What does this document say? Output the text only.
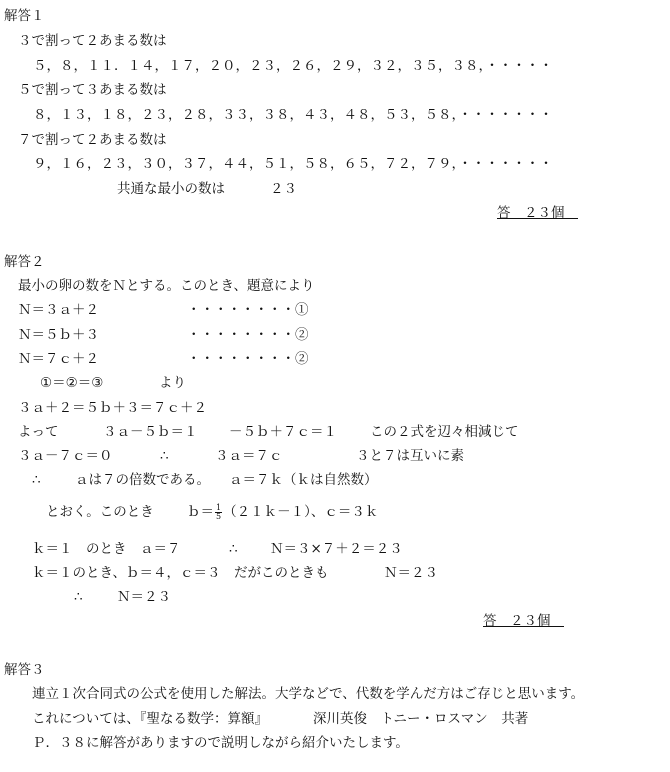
解答１
３で割って２あまる数は
５，８，１１．１４，１７，２０，２３，２６，２９，３２，３５，３８，・・・・・
５で割って３あまる数は
８，１３，１８，２３，２８，３３，３８，４３，４８，５３，５８，・・・・・・・
７で割って２あまる数は
９，１６，２３，３０，３７，４４，５１，５８，６５，７２，７９，・・・・・・・
共通な最小の数は	２３
答　２３個　
解答２
最小の卵の数をＮとする。このとき、題意により
Ｎ＝３ａ＋２	・・・・・・・・①
Ｎ＝５ｂ＋３	・・・・・・・・②
Ｎ＝７ｃ＋２	・・・・・・・・②
①＝②＝③	より
３ａ＋２＝５ｂ＋３＝７ｃ＋２
よって	３ａ－５ｂ＝１ －５ｂ＋７ｃ＝１ この２式を辺々相減じて
３ａ－７ｃ＝０	∴	３ａ＝７ｃ	３と７は互いに素
∴	ａは７の倍数である。 ａ＝７ｋ（ｋは自然数）
とおく。このとき ｂ＝ $\frac{1}{5}$ （２１ｋ－１）、ｃ＝３ｋ
ｋ＝１　のとき　ａ＝７	∴ Ｎ＝３×７＋２＝２３
ｋ＝１のとき、ｂ＝４，ｃ＝３　だがこのときも	Ｎ＝２３
∴	Ｎ＝２３
答　２３個　
解答３
連立１次合同式の公式を使用した解法。大学などで、代数を学んだ方はご存じと思います。
これについては、『聖なる数学：算額』	深川英俊　トニー・ロスマン　共著
Ｐ．３８に解答がありますので説明しながら紹介いたします。
